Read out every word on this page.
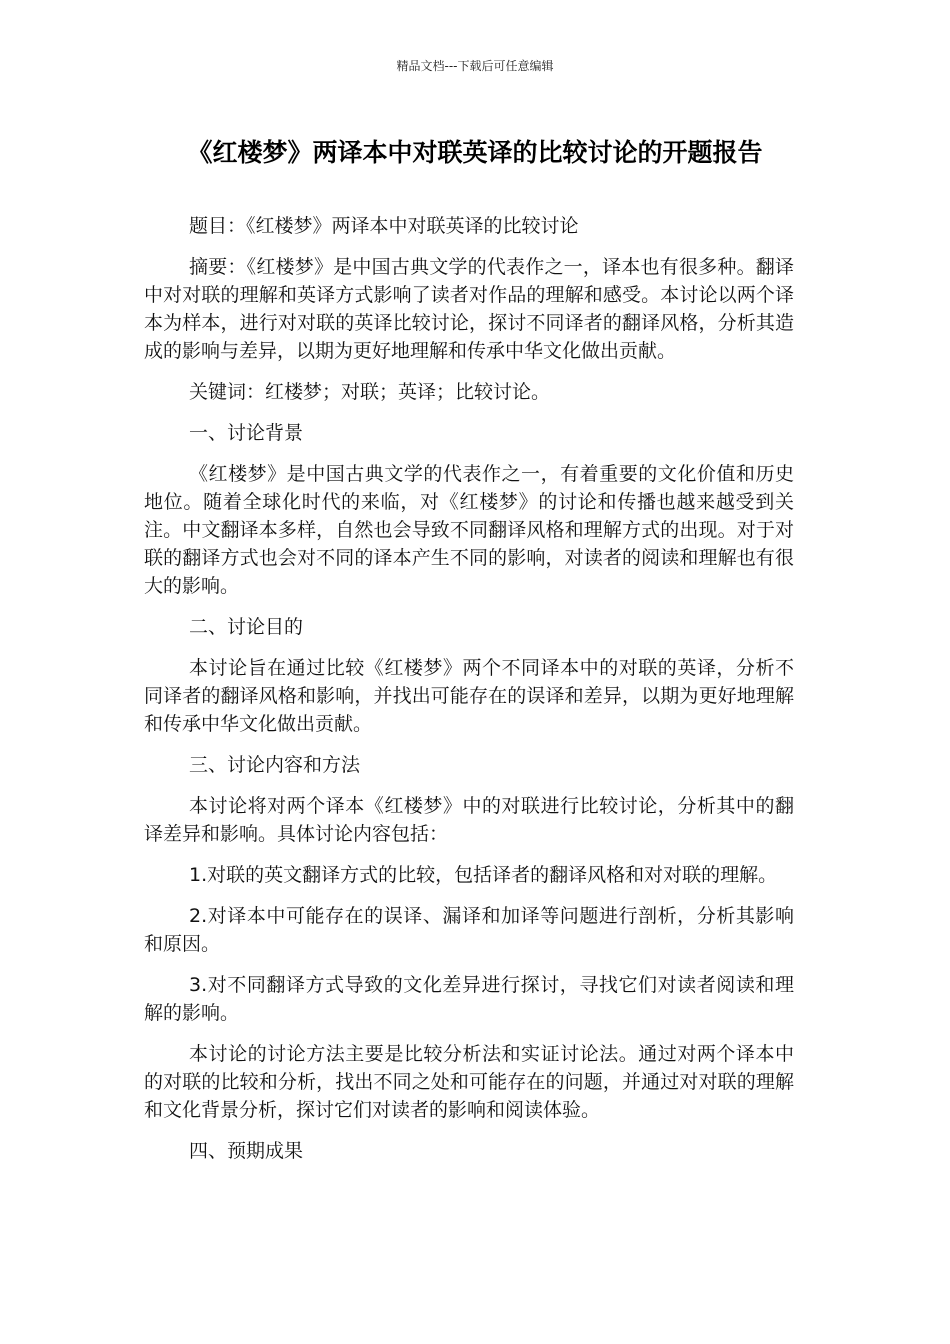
精品文档---下载后可任意编辑
《红楼梦》两译本中对联英译的比较讨论的开题报告

题目：《红楼梦》两译本中对联英译的比较讨论

摘要：《红楼梦》是中国古典文学的代表作之一，译本也有很多种。翻译中对对联的理解和英译方式影响了读者对作品的理解和感受。本讨论以两个译本为样本，进行对对联的英译比较讨论，探讨不同译者的翻译风格，分析其造成的影响与差异，以期为更好地理解和传承中华文化做出贡献。

关键词：红楼梦；对联；英译；比较讨论。

一、讨论背景

《红楼梦》是中国古典文学的代表作之一，有着重要的文化价值和历史地位。随着全球化时代的来临，对《红楼梦》的讨论和传播也越来越受到关注。中文翻译本多样，自然也会导致不同翻译风格和理解方式的出现。对于对联的翻译方式也会对不同的译本产生不同的影响，对读者的阅读和理解也有很大的影响。

二、讨论目的

本讨论旨在通过比较《红楼梦》两个不同译本中的对联的英译，分析不同译者的翻译风格和影响，并找出可能存在的误译和差异，以期为更好地理解和传承中华文化做出贡献。

三、讨论内容和方法

本讨论将对两个译本《红楼梦》中的对联进行比较讨论，分析其中的翻译差异和影响。具体讨论内容包括：

1.对联的英文翻译方式的比较，包括译者的翻译风格和对对联的理解。

2.对译本中可能存在的误译、漏译和加译等问题进行剖析，分析其影响和原因。

3.对不同翻译方式导致的文化差异进行探讨，寻找它们对读者阅读和理解的影响。

本讨论的讨论方法主要是比较分析法和实证讨论法。通过对两个译本中的对联的比较和分析，找出不同之处和可能存在的问题，并通过对对联的理解和文化背景分析，探讨它们对读者的影响和阅读体验。

四、预期成果
